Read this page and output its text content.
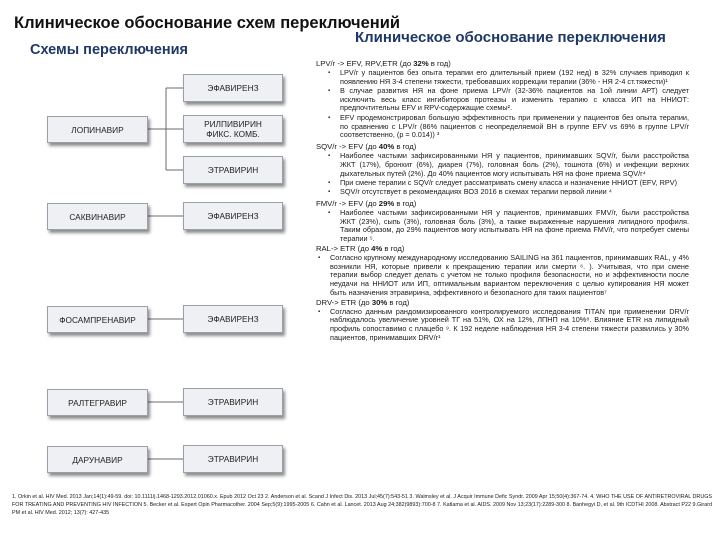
Клиническое обоснование схем переключений
Клиническое обоснование переключения
Схемы переключения
ЛОПИНАВИР
САКВИНАВИР
ФОСАМПРЕНАВИР
РАЛТЕГРАВИР
ДАРУНАВИР
ЭФАВИРЕНЗ
РИЛПИВИРИН ФИКС. КОМБ.
ЭТРАВИРИН
ЭФАВИРЕНЗ
ЭФАВИРЕНЗ
ЭТРАВИРИН
ЭТРАВИРИН
LPV/r -> EFV, RPV,ETR (до 32% в год)
▪ LPV/r у пациентов без опыта терапии его длительный прием (192 нед) в 32% случаев приводил к появлению НЯ 3-4 степени тяжести, требовавших коррекции терапии (36% - НЯ 2-4 ст.тяжести)¹
▪ В случае развития НЯ на фоне приема LPV/r (32-36% пациентов на 1ой линии АРТ) следует исключить весь класс ингибиторов протеазы и изменить терапию с класса ИП на ННИОТ: предпочтительны EFV и RPV-содержащие схемы².
▪ EFV продемонстрировал большую эффективность при применении у пациентов без опыта терапии, по сравнению с LPV/r (86% пациентов с неопределяемой ВН в группе EFV vs 69% в группе LPV/r соответственно, (p = 0.014)) ³
SQV/r -> EFV (до 40% в год)
▪ Наиболее частыми зафиксированными НЯ у пациентов, принимавших SQV/r, были расстройства ЖКТ (17%), бронхит (6%), диарея (7%), головная боль (2%), тошнота (6%) и инфекции верхних дыхательных путей (2%). До 40% пациентов могу испытывать НЯ на фоне приема SQV/r⁴
▪ При смене терапии с SQV/r следует рассматривать смену класса и назначение ННИОТ (EFV, RPV)
▪ SQV/r отсутствует в рекомендациях ВОЗ 2016 в схемах терапии первой линии ⁴
FMV/r -> EFV (до 29% в год)
▪ Наиболее частыми зафиксированными НЯ у пациентов, принимавших FMV/r, были расстройства ЖКТ (23%), сыпь (3%), головная боль (3%), а также выраженные нарушения липидного профиля. Таким образом, до 29% пациентов могу испытывать НЯ на фоне приема FMV/r, что потребует смены терапии ⁵.
RAL-> ETR (до 4% в год)
▪ Согласно крупному международному исследованию SAILING на 361 пациентов, принимавших RAL, у 4% возникли НЯ, которые привели к прекращению терапии или смерти ⁶. ). Учитывая, что при смене терапии выбор следует делать с учетом не только профиля безопасности, но и эффективности после неудачи на ННИОТ или ИП, оптимальным вариантом переключения с целью купирования НЯ может быть назначения этравирина, эффективного и безопасного для таких пациентов⁷
DRV-> ETR (до 30% в год)
▪ Согласно данным рандомизированного контролируемого исследования TITAN при применении DRV/r наблюдалось увеличение уровней ТГ на 51%, ОХ на 12%, ЛПНП на 10%⁸. Влияние ETR на липидный профиль сопоставимо с плацебо ⁹. К 192 неделе наблюдения НЯ 3-4 степени тяжести развились у 30% пациентов, принимавших DRV/r¹
1. Orkin et al. HIV Med. 2013 Jan;14(1):49-59. doi: 10.1111/j.1468-1293.2012.01060.x. Epub 2012 Oct 23 2. Anderson et al. Scand J Infect Dis. 2013 Jul;45(7):543-51 3. Walmsley et al. J Acquir Immune Defic Syndr. 2009 Apr 15;50(4):367-74. 4. WHO THE USE OF ANTIRETROVIRAL DRUGS FOR TREATING AND PREVENTING HIV INFECTION 5. Becker et al. Expert Opin Pharmacother. 2004 Sep;5(9):1995-2005 6. Cahn et al. Lancet. 2013 Aug 24;382(9893):700-8 7. Katlama et al. AIDS. 2009 Nov 13;23(17):2289-300 8. Banhegyi D, et al. 9th ICDTHI 2008. Abstract P22 9.Girard PM et al. HIV Med. 2012; 13(7): 427-435
